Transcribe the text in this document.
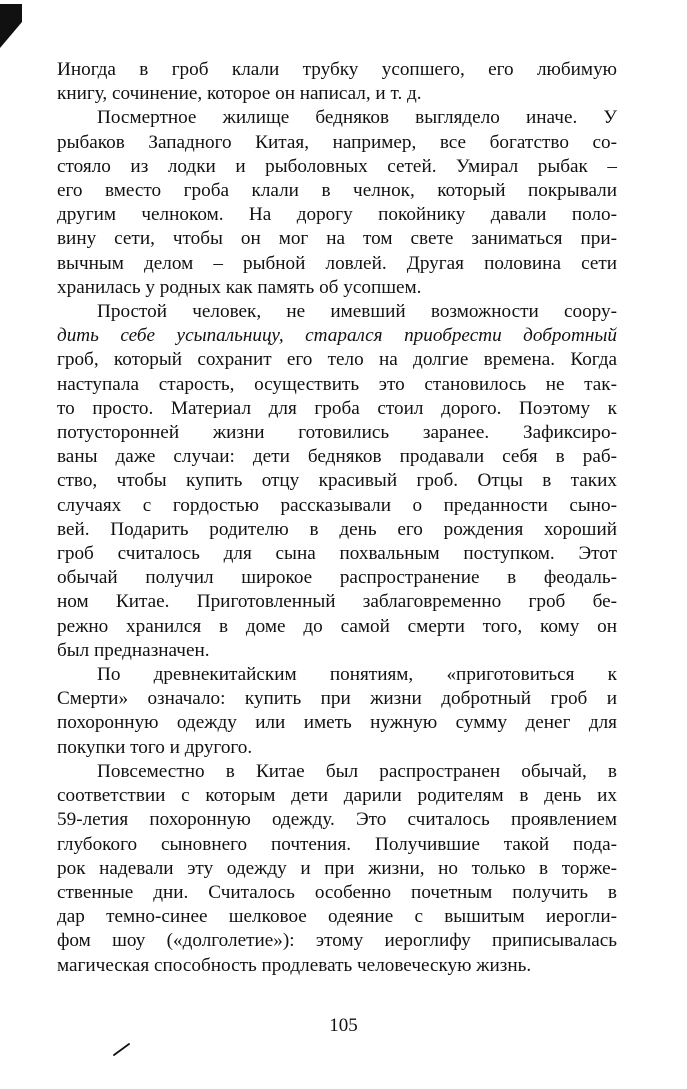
Иногда в гроб клали трубку усопшего, его любимую
книгу, сочинение, которое он написал, и т. д.

Посмертное жилище бедняков выглядело иначе. У
рыбаков Западного Китая, например, все богатство со-
стояло из лодки и рыболовных сетей. Умирал рыбак –
его вместо гроба клали в челнок, который покрывали
другим челноком. На дорогу покойнику давали поло-
вину сети, чтобы он мог на том свете заниматься при-
вычным делом – рыбной ловлей. Другая половина сети
хранилась у родных как память об усопшем.

Простой человек, не имевший возможности соору-
дить себе усыпальницу, старался приобрести добротный
гроб, который сохранит его тело на долгие времена. Когда
наступала старость, осуществить это становилось не так-
то просто. Материал для гроба стоил дорого. Поэтому к
потусторонней жизни готовились заранее. Зафиксиро-
ваны даже случаи: дети бедняков продавали себя в раб-
ство, чтобы купить отцу красивый гроб. Отцы в таких
случаях с гордостью рассказывали о преданности сыно-
вей. Подарить родителю в день его рождения хороший
гроб считалось для сына похвальным поступком. Этот
обычай получил широкое распространение в феодаль-
ном Китае. Приготовленный заблаговременно гроб бе-
режно хранился в доме до самой смерти того, кому он
был предназначен.

По древнекитайским понятиям, «приготовиться к
Смерти» означало: купить при жизни добротный гроб и
похоронную одежду или иметь нужную сумму денег для
покупки того и другого.

Повсеместно в Китае был распространен обычай, в
соответствии с которым дети дарили родителям в день их
59-летия похоронную одежду. Это считалось проявлением
глубокого сыновнего почтения. Получившие такой пода-
рок надевали эту одежду и при жизни, но только в торже-
ственные дни. Считалось особенно почетным получить в
дар темно-синее шелковое одеяние с вышитым иерогли-
фом шоу («долголетие»): этому иероглифу приписывалась
магическая способность продлевать человеческую жизнь.

105
